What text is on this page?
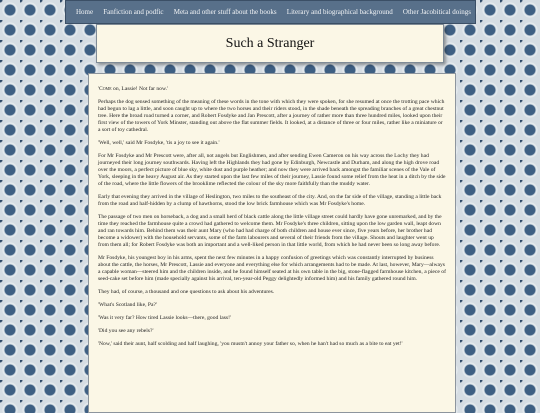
Home Fanfiction and podfic Meta and other stuff about the books Literary and biographical background Other Jacobitical doings
Such a Stranger

'Come on, Lassie! Not far now.'

Perhaps the dog sensed something of the meaning of these words in the tone with which they were spoken, for she resumed at once the trotting pace which had begun to lag a little, and soon caught up to where the two horses and their riders stood, in the shade beneath the spreading branches of a great chestnut tree. Here the broad road turned a corner, and Robert Fosdyke and Jan Prescott, after a journey of rather more than three hundred miles, looked upon their first view of the towers of York Minster, standing out above the flat summer fields. It looked, at a distance of three or four miles, rather like a miniature or a sort of toy cathedral.

'Well, well,' said Mr Fosdyke, 'tis a joy to see it again.'

For Mr Fosdyke and Mr Prescott were, after all, not angels but Englishmen, and after sending Ewen Cameron on his way across the Lochy they had journeyed their long journey southwards. Having left the Highlands they had gone by Edinburgh, Newcastle and Durham, and along the high drove road over the moors, a perfect picture of blue sky, white dust and purple heather; and now they were arrived back amongst the familiar scenes of the Vale of York, sleeping in the heavy August air. As they started upon the last few miles of their journey, Lassie found some relief from the heat in a ditch by the side of the road, where the little flowers of the brooklime reflected the colour of the sky more faithfully than the muddy water.

Early that evening they arrived in the village of Heslington, two miles to the southeast of the city. And, on the far side of the village, standing a little back from the road and half-hidden by a clump of hawthorns, stood the low brick farmhouse which was Mr Fosdyke's home.

The passage of two men on horseback, a dog and a small herd of black cattle along the little village street could hardly have gone unremarked, and by the time they reached the farmhouse quite a crowd had gathered to welcome them. Mr Fosdyke's three children, sitting upon the low garden wall, leapt down and ran towards him. Behind them was their aunt Mary (who had had charge of both children and house ever since, five years before, her brother had become a widower) with the household servants, some of the farm labourers and several of their friends from the village. Shouts and laughter went up from them all; for Robert Fosdyke was both an important and a well-liked person in that little world, from which he had never been so long away before.

Mr Fosdyke, his youngest boy in his arms, spent the next few minutes in a happy confusion of greetings which was constantly interrupted by business about the cattle, the horses, Mr Prescott, Lassie and everyone and everything else for which arrangements had to be made. At last, however, Mary—always a capable woman—steered him and the children inside, and he found himself seated at his own table in the big, stone-flagged farmhouse kitchen, a piece of seed-cake set before him (made specially against his arrival, ten-year-old Peggy delightedly informed him) and his family gathered round him.

They had, of course, a thousand and one questions to ask about his adventures.

'What's Scotland like, Pa?'

'Was it very far? How tired Lassie looks—there, good lass!'

'Did you see any rebels?'

'Now,' said their aunt, half scolding and half laughing, 'you mustn't annoy your father so, when he han't had so much as a bite to eat yet!'
